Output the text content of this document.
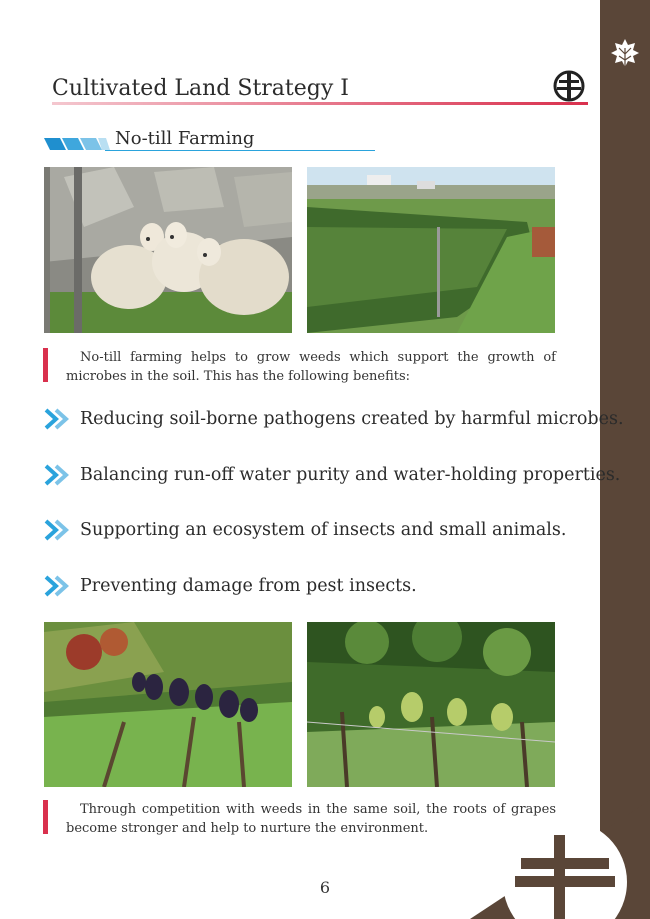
Cultivated Land Strategy I
No-till Farming

No-till farming helps to grow weeds which support the growth of microbes in the soil. This has the following benefits:

Reducing soil-borne pathogens created by harmful microbes.
Balancing run-off water purity and water-holding properties.
Supporting an ecosystem of insects and small animals.
Preventing damage from pest insects.

Through competition with weeds in the same soil, the roots of grapes become stronger and help to nurture the environment.

6
